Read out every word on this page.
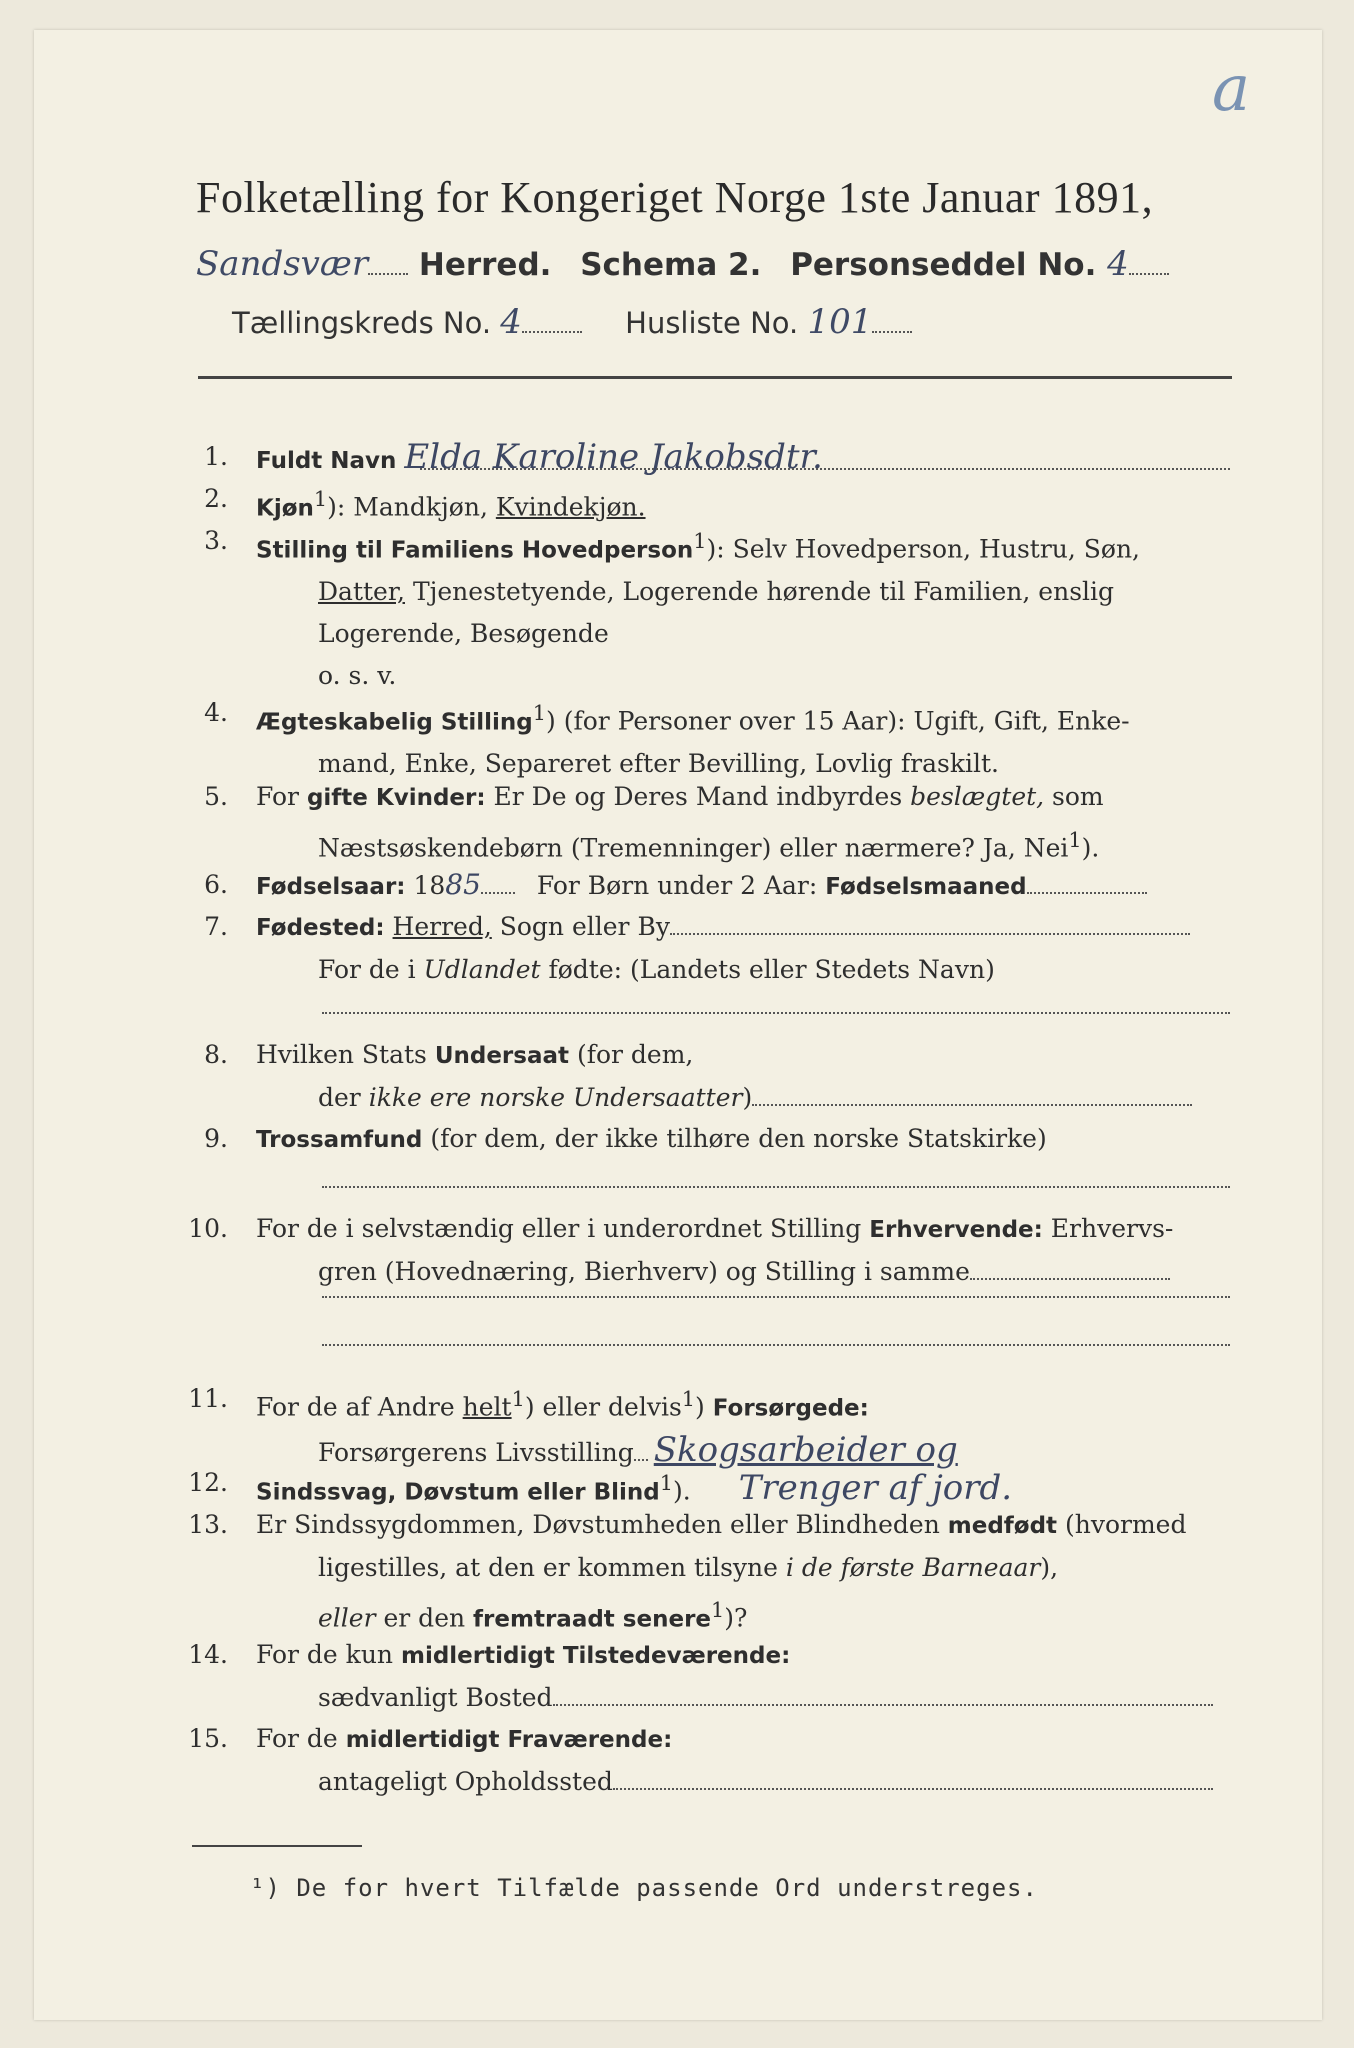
a
Folketælling for Kongeriget Norge 1ste Januar 1891,
Sandsvær Herred. Schema 2. Personseddel No. 4
Tællingskreds No. 4	Husliste No. 101
1. Fuldt Navn Elda Karoline Jakobsdtr.
2. Kjøn$^1$): Mandkjøn, Kvindekjøn.
3. Stilling til Familiens Hovedperson$^1$): Selv Hovedperson, Hustru, Søn,
Datter, Tjenestetyende, Logerende hørende til Familien, enslig
Logerende, Besøgende
o. s. v.
4. Ægteskabelig Stilling$^1$) (for Personer over 15 Aar): Ugift, Gift, Enke-
mand, Enke, Separeret efter Bevilling, Lovlig fraskilt.
5. For gifte Kvinder: Er De og Deres Mand indbyrdes beslægtet, som
Næstsøskendebørn (Tremenninger) eller nærmere? Ja, Nei$^1$).
6. Fødselsaar: 1885 For Børn under 2 Aar: Fødselsmaaned
7. Fødested: Herred, Sogn eller By
For de i Udlandet fødte: (Landets eller Stedets Navn)
8. Hvilken Stats Undersaat (for dem,
der ikke ere norske Undersaatter)
9. Trossamfund (for dem, der ikke tilhøre den norske Statskirke)
10. For de i selvstændig eller i underordnet Stilling Erhvervende: Erhvervs-
gren (Hovednæring, Bierhverv) og Stilling i samme
11. For de af Andre helt$^1$) eller delvis$^1$) Forsørgede:
Forsørgerens Livsstilling Skogsarbeider og
12. Sindssvag, Døvstum eller Blind$^1$). Trenger af jord.
13. Er Sindssygdommen, Døvstumheden eller Blindheden medfødt (hvormed
ligestilles, at den er kommen tilsyne i de første Barneaar),
eller er den fremtraadt senere$^1$)?
14. For de kun midlertidigt Tilstedeværende:
sædvanligt Bosted
15. For de midlertidigt Fraværende:
antageligt Opholdssted
¹) De for hvert Tilfælde passende Ord understreges.
